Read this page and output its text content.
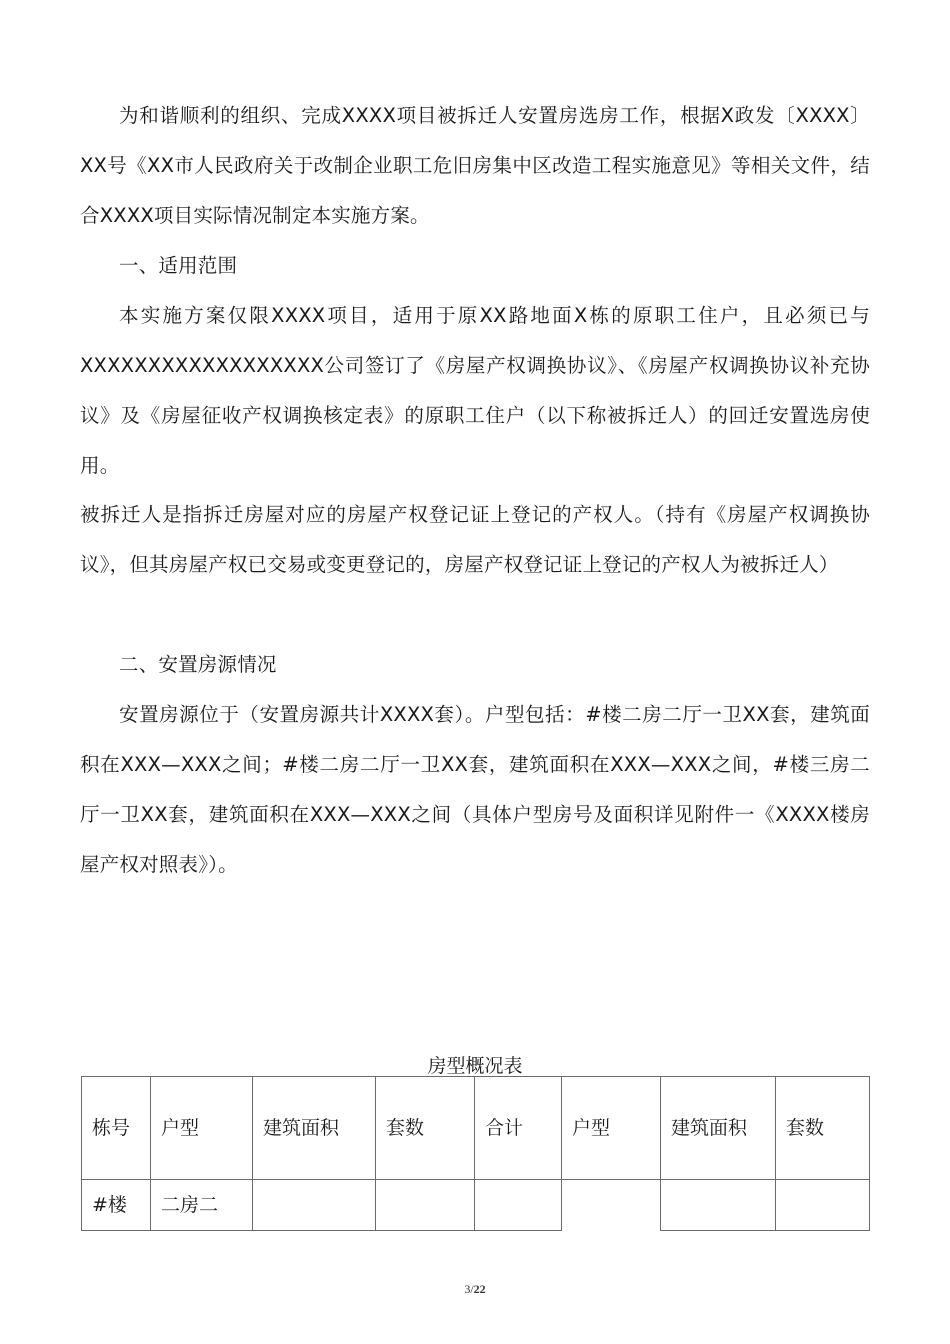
为和谐顺利的组织、完成XXXX项目被拆迁人安置房选房工作，根据X政发〔XXXX〕XX号《XX市人民政府关于改制企业职工危旧房集中区改造工程实施意见》等相关文件，结合XXXX项目实际情况制定本实施方案。

一、适用范围

本实施方案仅限XXXX项目，适用于原XX路地面X栋的原职工住户，且必须已与XXXXXXXXXXXXXXXXXX公司签订了《房屋产权调换协议》、《房屋产权调换协议补充协议》及《房屋征收产权调换核定表》的原职工住户（以下称被拆迁人）的回迁安置选房使用。

被拆迁人是指拆迁房屋对应的房屋产权登记证上登记的产权人。（持有《房屋产权调换协议》，但其房屋产权已交易或变更登记的，房屋产权登记证上登记的产权人为被拆迁人）

二、安置房源情况

安置房源位于（安置房源共计XXXX套）。户型包括：#楼二房二厅一卫XX套，建筑面积在XXX—XXX之间；#楼二房二厅一卫XX套，建筑面积在XXX—XXX之间，#楼三房二厅一卫XX套，建筑面积在XXX—XXX之间（具体户型房号及面积详见附件一《XXXX楼房屋产权对照表》）。

房型概况表

栋号	户型	建筑面积	套数	合计	户型	建筑面积	套数
#楼	二房二						
3/22
